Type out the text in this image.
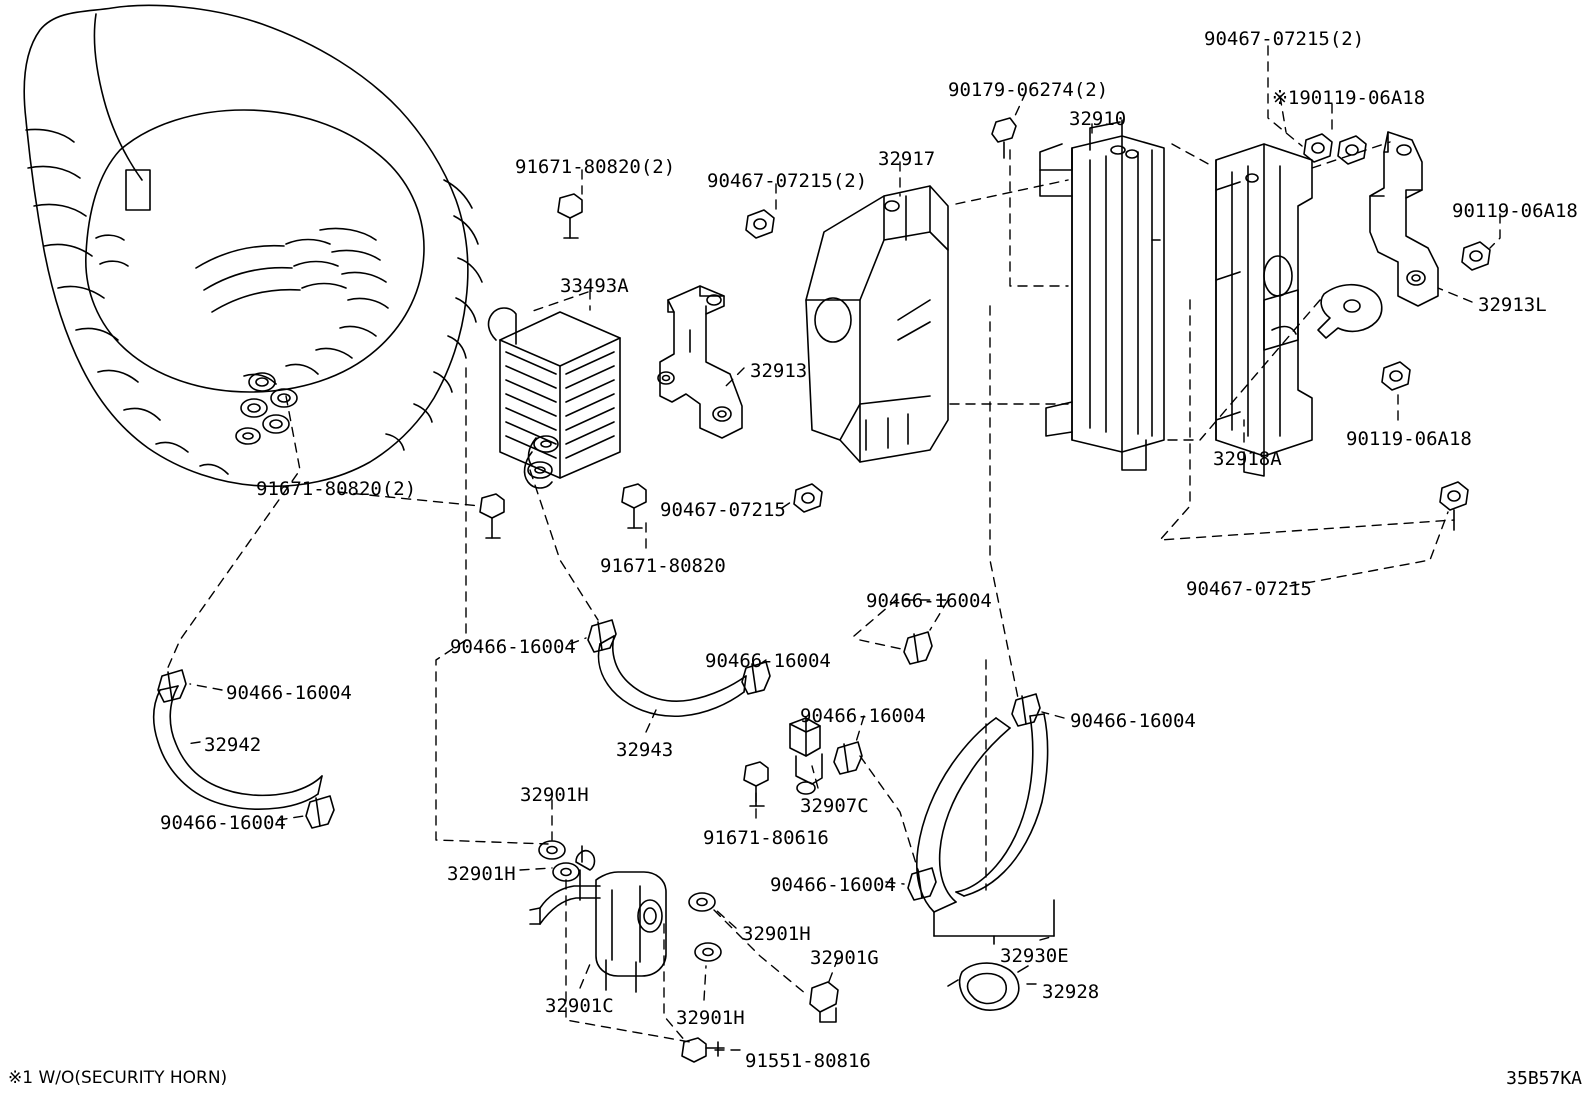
90467-07215(2)
90179-06274(2)	※190119-06A18
32910
32917
91671-80820(2)
90467-07215(2)
90119-06A18
33493A
32913L
32913
90119-06A18
91671-80820(2)
32918A
90467-07215
91671-80820
90467-07215
90466-16004
90466-16004
90466-16004
90466-16004
90466-16004
90466-16004
32942	32943
32907C
90466-16004
32901H
91671-80616
32901H	90466-16004
32901H
32901G	32930E
32928
32901C
32901H
91551-80816
※1 W/O(SECURITY HORN)	35B57KA
